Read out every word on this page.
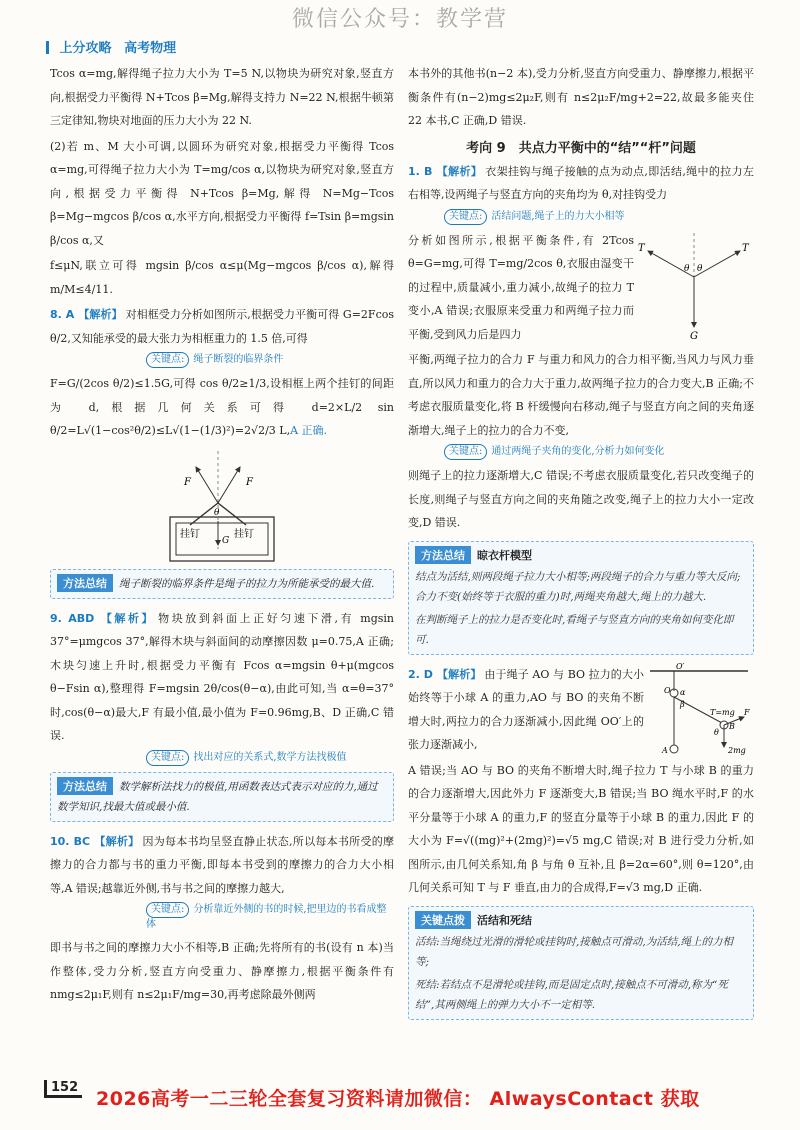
微信公众号：教学营
上分攻略 高考物理

Tcos α=mg,解得绳子拉力大小为 T=5 N,以物块为研究对象,竖直方向,根据受力平衡得 N+Tcos β=Mg,解得支持力 N=22 N,根据牛顿第三定律知,物块对地面的压力大小为 22 N.

(2)若 m、M 大小可调,以圆环为研究对象,根据受力平衡得 Tcos α=mg,可得绳子拉力大小为 T=mg/cos α,以物块为研究对象,竖直方向,根据受力平衡得 N+Tcos β=Mg,解得 N=Mg−Tcos β=Mg−mgcos β/cos α,水平方向,根据受力平衡得 f=Tsin β=mgsin β/cos α,又

f≤μN,联立可得 mgsin β/cos α≤μ(Mg−mgcos β/cos α),解得 m/M≤4/11.

8. A 【解析】 对相框受力分析如图所示,根据受力平衡可得 G=2Fcos θ/2,又知能承受的最大张力为相框重力的 1.5 倍,可得

关键点: 绳子断裂的临界条件

F=G/(2cos θ/2)≤1.5G,可得 cos θ/2≥1/3,设相框上两个挂钉的间距为 d,根据几何关系可得 d=2×L/2 sin θ/2=L√(1−cos²θ/2)≤L√(1−(1/3)²)=2√2/3 L,A 正确.

F	F
θ
G
挂钉	挂钉
方法总结 绳子断裂的临界条件是绳子的拉力为所能承受的最大值.

9. ABD 【解析】 物块放到斜面上正好匀速下滑,有 mgsin 37°=μmgcos 37°,解得木块与斜面间的动摩擦因数 μ=0.75,A 正确;木块匀速上升时,根据受力平衡有 Fcos α=mgsin θ+μ(mgcos θ−Fsin α),整理得 F=mgsin 2θ/cos(θ−α),由此可知,当 α=θ=37°时,cos(θ−α)最大,F 有最小值,最小值为 F=0.96mg,B、D 正确,C 错误.

关键点: 找出对应的关系式,数学方法找极值
方法总结 数学解析法找力的极值,用函数表达式表示对应的力,通过数学知识,找最大值或最小值.

10. BC 【解析】 因为每本书均呈竖直静止状态,所以每本书所受的摩擦力的合力都与书的重力平衡,即每本书受到的摩擦力的合力大小相等,A 错误;越靠近外侧,书与书之间的摩擦力越大,

关键点: 分析靠近外侧的书的时候,把里边的书看成整体

即书与书之间的摩擦力大小不相等,B 正确;先将所有的书(设有 n 本)当作整体,受力分析,竖直方向受重力、静摩擦力,根据平衡条件有 nmg≤2μ₁F,则有 n≤2μ₁F/mg=30,再考虑除最外侧两

本书外的其他书(n−2 本),受力分析,竖直方向受重力、静摩擦力,根据平衡条件有(n−2)mg≤2μ₂F,则有 n≤2μ₂F/mg+2=22,故最多能夹住 22 本书,C 正确,D 错误.

考向 9　共点力平衡中的“结”“杆”问题

1. B 【解析】 衣架挂钩与绳子接触的点为动点,即活结,绳中的拉力左右相等,设两绳子与竖直方向的夹角均为 θ,对挂钩受力

关键点: 活结问题,绳子上的力大小相等
T	T
θ θ
G

分析如图所示,根据平衡条件,有 2Tcos θ=G=mg,可得 T=mg/2cos θ,衣服由湿变干的过程中,质量减小,重力减小,故绳子的拉力 T 变小,A 错误;衣服原来受重力和两绳子拉力而平衡,受到风力后是四力

平衡,两绳子拉力的合力 F 与重力和风力的合力相平衡,当风力与风力垂直,所以风力和重力的合力大于重力,故两绳子拉力的合力变大,B 正确;不考虑衣服质量变化,将 B 杆缓慢向右移动,绳子与竖直方向之间的夹角逐渐增大,绳子上的拉力的合力不变,

关键点: 通过两绳子夹角的变化,分析力如何变化

则绳子上的拉力逐渐增大,C 错误;不考虑衣服质量变化,若只改变绳子的长度,则绳子与竖直方向之间的夹角随之改变,绳子上的拉力大小一定改变,D 错误.

方法总结 晾衣杆模型

结点为活结,则两段绳子拉力大小相等;两段绳子的合力与重力等大反向;合力不变(始终等于衣服的重力)时,两绳夹角越大,绳上的力越大.

在判断绳子上的拉力是否变化时,看绳子与竖直方向的夹角如何变化即可.

O′
α
β
T=mg F
θ
2mg
O
A
B

2. D 【解析】 由于绳子 AO 与 BO 拉力的大小始终等于小球 A 的重力,AO 与 BO 的夹角不断增大时,两拉力的合力逐渐减小,因此绳 OO′上的张力逐渐减小,

A 错误;当 AO 与 BO 的夹角不断增大时,绳子拉力 T 与小球 B 的重力的合力逐渐增大,因此外力 F 逐渐变大,B 错误;当 BO 绳水平时,F 的水平分量等于小球 A 的重力,F 的竖直分量等于小球 B 的重力,因此 F 的大小为 F=√((mg)²+(2mg)²)=√5 mg,C 错误;对 B 进行受力分析,如图所示,由几何关系知,角 β 与角 θ 互补,且 β=2α=60°,则 θ=120°,由几何关系可知 T 与 F 垂直,由力的合成得,F=√3 mg,D 正确.

关键点拨 活结和死结

活结:当绳绕过光滑的滑轮或挂钩时,接触点可滑动,为活结,绳上的力相等;

死结:若结点不是滑轮或挂钩,而是固定点时,接触点不可滑动,称为“死结”,其两侧绳上的弹力大小不一定相等.

152
2026高考一二三轮全套复习资料请加微信： AlwaysContact 获取
